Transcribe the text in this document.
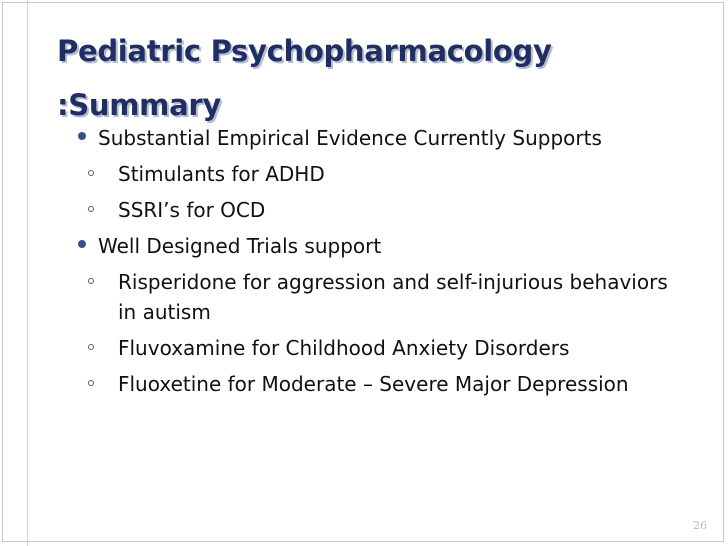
Pediatric Psychopharmacology
:Summary
Substantial Empirical Evidence Currently Supports
Stimulants for ADHD
SSRI’s for OCD
Well Designed Trials support
Risperidone for aggression and self-injurious behaviors in autism
Fluvoxamine for Childhood Anxiety Disorders
Fluoxetine for Moderate – Severe Major Depression
26
